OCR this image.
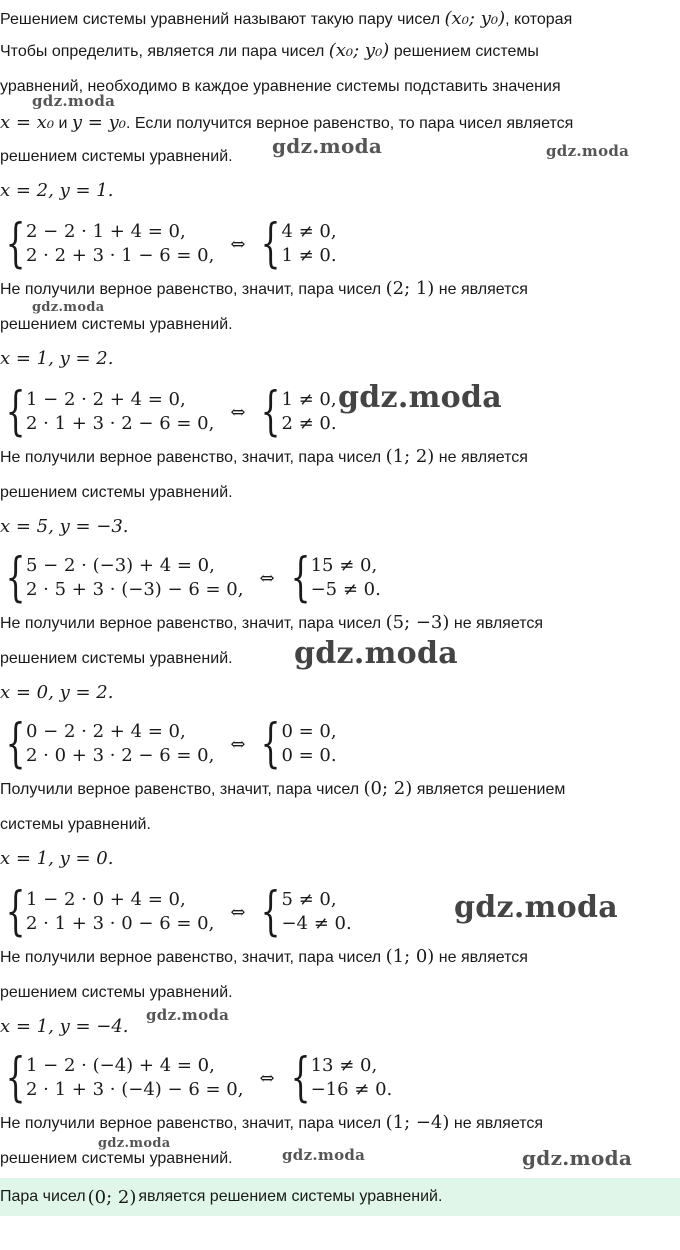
Решением системы уравнений называют такую пару чисел (x₀; y₀), которая
Чтобы определить, является ли пара чисел (x₀; y₀) решением системы
уравнений, необходимо в каждое уравнение системы подставить значения
x = x₀ и y = y₀. Если получится верное равенство, то пара чисел является
решением системы уравнений.
x = 2, y = 1.
{ 2 − 2 · 1 + 4 = 0,
2 · 2 + 3 · 1 − 6 = 0,
⇔ { 4 ≠ 0,
1 ≠ 0.
Не получили верное равенство, значит, пара чисел (2; 1) не является
решением системы уравнений.
x = 1, y = 2.
{ 1 − 2 · 2 + 4 = 0,
2 · 1 + 3 · 2 − 6 = 0,
⇔ { 1 ≠ 0,
2 ≠ 0.
Не получили верное равенство, значит, пара чисел (1; 2) не является
решением системы уравнений.
x = 5, y = −3.
{ 5 − 2 · (−3) + 4 = 0,
2 · 5 + 3 · (−3) − 6 = 0,
⇔ { 15 ≠ 0,
−5 ≠ 0.
Не получили верное равенство, значит, пара чисел (5; −3) не является
решением системы уравнений.
x = 0, y = 2.
{ 0 − 2 · 2 + 4 = 0,
2 · 0 + 3 · 2 − 6 = 0,
⇔ { 0 = 0,
0 = 0.
Получили верное равенство, значит, пара чисел (0; 2) является решением
системы уравнений.
x = 1, y = 0.
{ 1 − 2 · 0 + 4 = 0,
2 · 1 + 3 · 0 − 6 = 0,
⇔ { 5 ≠ 0,
−4 ≠ 0.
Не получили верное равенство, значит, пара чисел (1; 0) не является
решением системы уравнений.
x = 1, y = −4.
{ 1 − 2 · (−4) + 4 = 0,
2 · 1 + 3 · (−4) − 6 = 0,
⇔ { 13 ≠ 0,
−16 ≠ 0.
Не получили верное равенство, значит, пара чисел (1; −4) не является
решением системы уравнений.
Пара чисел (0; 2) является решением системы уравнений.
gdz.moda
gdz.moda	gdz.moda
gdz.moda
gdz.moda
gdz.moda
gdz.moda
gdz.moda
gdz.moda
gdz.moda	gdz.moda
